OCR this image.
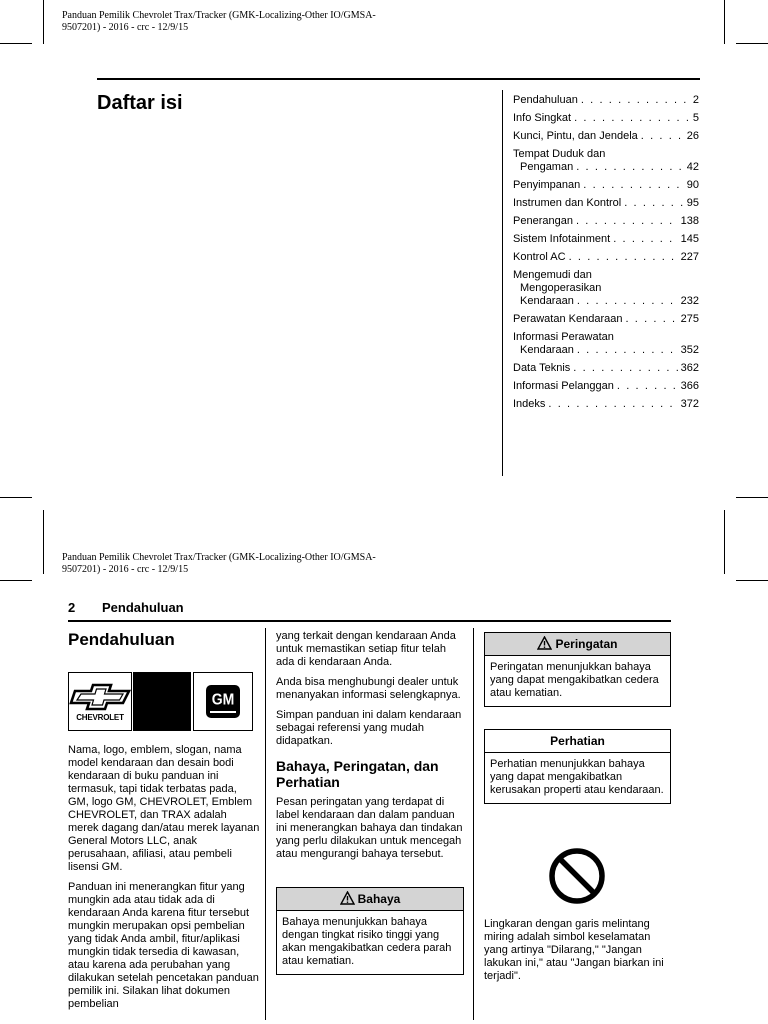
Panduan Pemilik Chevrolet Trax/Tracker (GMK-Localizing-Other IO/GMSA-
9507201) - 2016 - crc - 12/9/15
Daftar isi	Pendahuluan . . .	2
Info Singkat . . .	5
Kunci, Pintu, dan Jendela . . .	26
Tempat Duduk dan
Pengaman . . .	42
Penyimpanan . . .	90
Instrumen dan Kontrol . . .	95
Penerangan . . .	138
Sistem Infotainment . . .	145
Kontrol AC . . .	227
Mengemudi dan
Mengoperasikan
Kendaraan . . .	232
Perawatan Kendaraan . . .	275
Informasi Perawatan
Kendaraan . . .	352
Data Teknis . . .	362
Informasi Pelanggan . . .	366
Indeks . . .	372
Panduan Pemilik Chevrolet Trax/Tracker (GMK-Localizing-Other IO/GMSA-
9507201) - 2016 - crc - 12/9/15
2 Pendahuluan
Pendahuluan
CHEVROLET
GM

Nama, logo, emblem, slogan, nama model kendaraan dan desain bodi kendaraan di buku panduan ini termasuk, tapi tidak terbatas pada, GM, logo GM, CHEVROLET, Emblem CHEVROLET, dan TRAX adalah merek dagang dan/atau merek layanan General Motors LLC, anak perusahaan, afiliasi, atau pembeli lisensi GM.

Panduan ini menerangkan fitur yang mungkin ada atau tidak ada di kendaraan Anda karena fitur tersebut mungkin merupakan opsi pembelian yang tidak Anda ambil, fitur/aplikasi mungkin tidak tersedia di kawasan, atau karena ada perubahan yang dilakukan setelah pencetakan panduan pemilik ini. Silakan lihat dokumen pembelian

yang terkait dengan kendaraan Anda untuk memastikan setiap fitur telah ada di kendaraan Anda.

Anda bisa menghubungi dealer untuk menanyakan informasi selengkapnya.

Simpan panduan ini dalam kendaraan sebagai referensi yang mudah didapatkan.

Bahaya, Peringatan, dan Perhatian

Pesan peringatan yang terdapat di label kendaraan dan dalam panduan ini menerangkan bahaya dan tindakan yang perlu dilakukan untuk mencegah atau mengurangi bahaya tersebut.

Bahaya
Bahaya menunjukkan bahaya dengan tingkat risiko tinggi yang akan mengakibatkan cedera parah atau kematian.
Peringatan
Peringatan menunjukkan bahaya yang dapat mengakibatkan cedera atau kematian.
Perhatian
Perhatian menunjukkan bahaya yang dapat mengakibatkan kerusakan properti atau kendaraan.

Lingkaran dengan garis melintang miring adalah simbol keselamatan yang artinya "Dilarang," "Jangan lakukan ini," atau "Jangan biarkan ini terjadi".
